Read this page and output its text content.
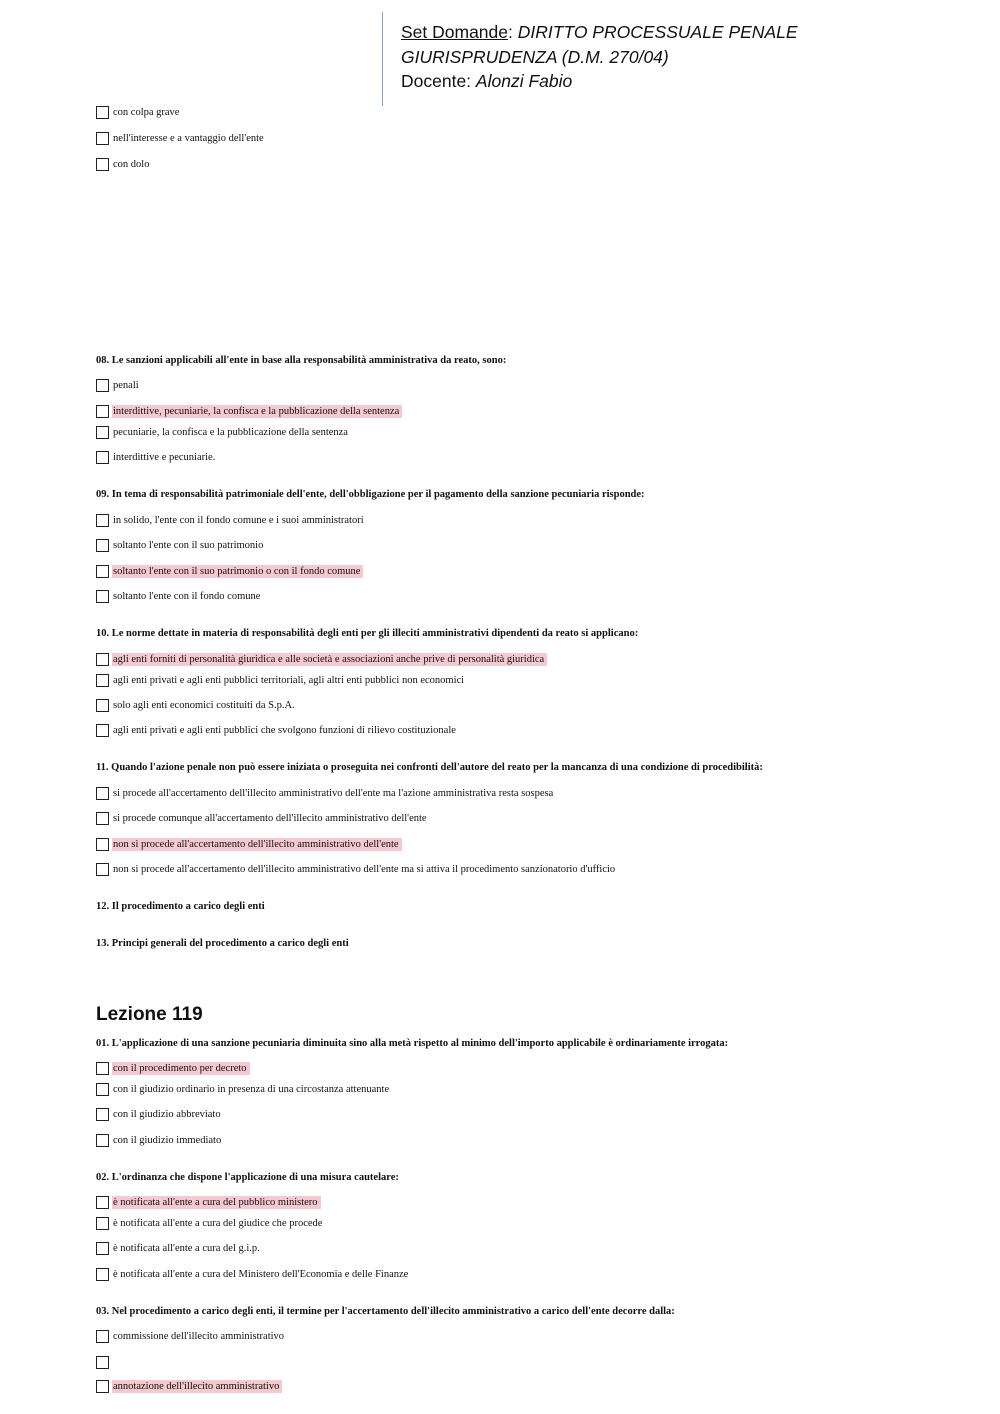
Set Domande: DIRITTO PROCESSUALE PENALE
GIURISPRUDENZA (D.M. 270/04)
Docente: Alonzi Fabio
con colpa grave
nell'interesse e a vantaggio dell'ente
con dolo
08. Le sanzioni applicabili all'ente in base alla responsabilità amministrativa da reato, sono:
penali
interdittive, pecuniarie, la confisca e la pubblicazione della sentenza
pecuniarie, la confisca e la pubblicazione della sentenza
interdittive e pecuniarie.
09. In tema di responsabilità patrimoniale dell'ente, dell'obbligazione per il pagamento della sanzione pecuniaria risponde:
in solido, l'ente con il fondo comune e i suoi amministratori
soltanto l'ente con il suo patrimonio
soltanto l'ente con il suo patrimonio o con il fondo comune
soltanto l'ente con il fondo comune
10. Le norme dettate in materia di responsabilità degli enti per gli illeciti amministrativi dipendenti da reato si applicano:
agli enti forniti di personalità giuridica e alle società e associazioni anche prive di personalità giuridica
agli enti privati e agli enti pubblici territoriali, agli altri enti pubblici non economici
solo agli enti economici costituiti da S.p.A.
agli enti privati e agli enti pubblici che svolgono funzioni di rilievo costituzionale
11. Quando l'azione penale non può essere iniziata o proseguita nei confronti dell'autore del reato per la mancanza di una condizione di procedibilità:
si procede all'accertamento dell'illecito amministrativo dell'ente ma l'azione amministrativa resta sospesa
si procede comunque all'accertamento dell'illecito amministrativo dell'ente
non si procede all'accertamento dell'illecito amministrativo dell'ente
non si procede all'accertamento dell'illecito amministrativo dell'ente ma si attiva il procedimento sanzionatorio d'ufficio
12. Il procedimento a carico degli enti
13. Principi generali del procedimento a carico degli enti
Lezione 119
01. L'applicazione di una sanzione pecuniaria diminuita sino alla metà rispetto al minimo dell'importo applicabile è ordinariamente irrogata:
con il procedimento per decreto
con il giudizio ordinario in presenza di una circostanza attenuante
con il giudizio abbreviato
con il giudizio immediato
02. L'ordinanza che dispone l'applicazione di una misura cautelare:
è notificata all'ente a cura del pubblico ministero
è notificata all'ente a cura del giudice che procede
è notificata all'ente a cura del g.i.p.
è notificata all'ente a cura del Ministero dell'Economia e delle Finanze
03. Nel procedimento a carico degli enti, il termine per l'accertamento dell'illecito amministrativo a carico dell'ente decorre dalla:
commissione dell'illecito amministrativo
annotazione dell'illecito amministrativo
